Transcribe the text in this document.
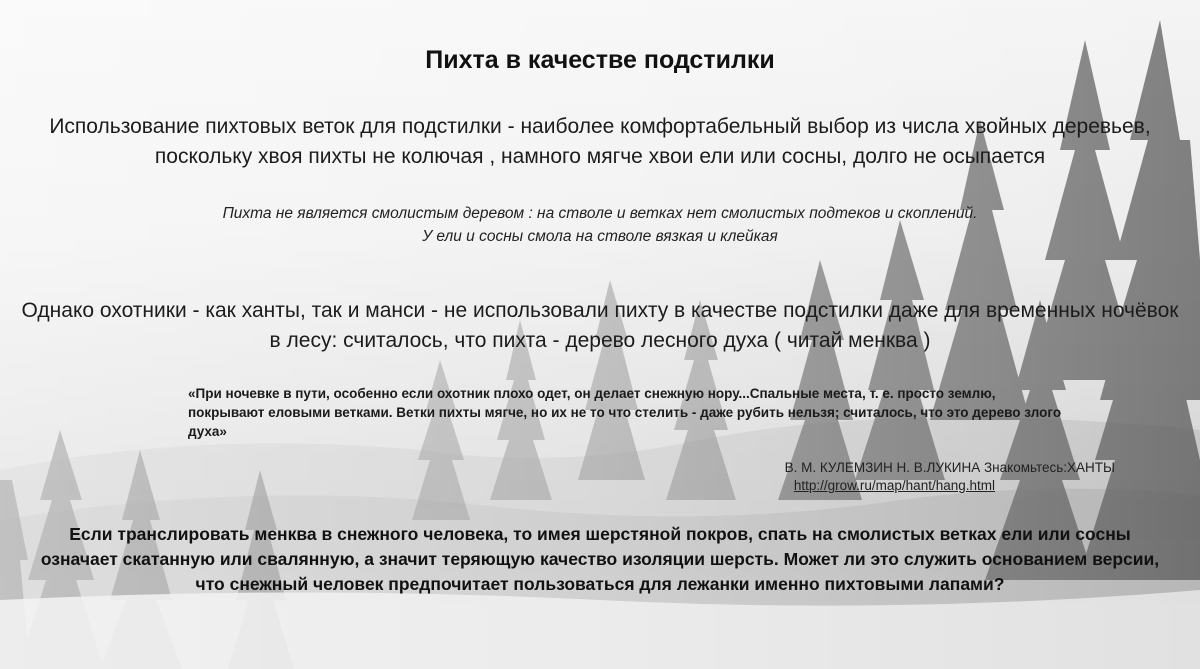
Пихта в качестве подстилки
Использование пихтовых веток для подстилки - наиболее комфортабельный выбор из числа хвойных деревьев, поскольку хвоя пихты не колючая , намного мягче хвои ели или сосны, долго не осыпается
Пихта не является смолистым деревом : на стволе и ветках нет смолистых подтеков и скоплений.
У ели и сосны смола на стволе вязкая и клейкая
Однако охотники - как ханты, так и манси - не использовали пихту в качестве подстилки даже для временных ночёвок в лесу: считалось, что пихта - дерево лесного духа ( читай менква )
«При ночевке в пути, особенно если охотник плохо одет, он делает снежную нору...Спальные места, т. е. просто землю, покрывают еловыми ветками. Ветки пихты мягче, но их не то что стелить - даже рубить нельзя; считалось, что это дерево злого духа»
В. М. КУЛЕМЗИН Н. В.ЛУКИНА Знакомьтесь:ХАНТЫ
http://grow.ru/map/hant/hang.html
Если транслировать менква в снежного человека, то имея шерстяной покров, спать на смолистых ветках ели или сосны означает скатанную или свалянную, а значит теряющую качество изоляции шерсть. Может ли это служить основанием версии, что снежный человек предпочитает пользоваться для лежанки именно пихтовыми лапами?
